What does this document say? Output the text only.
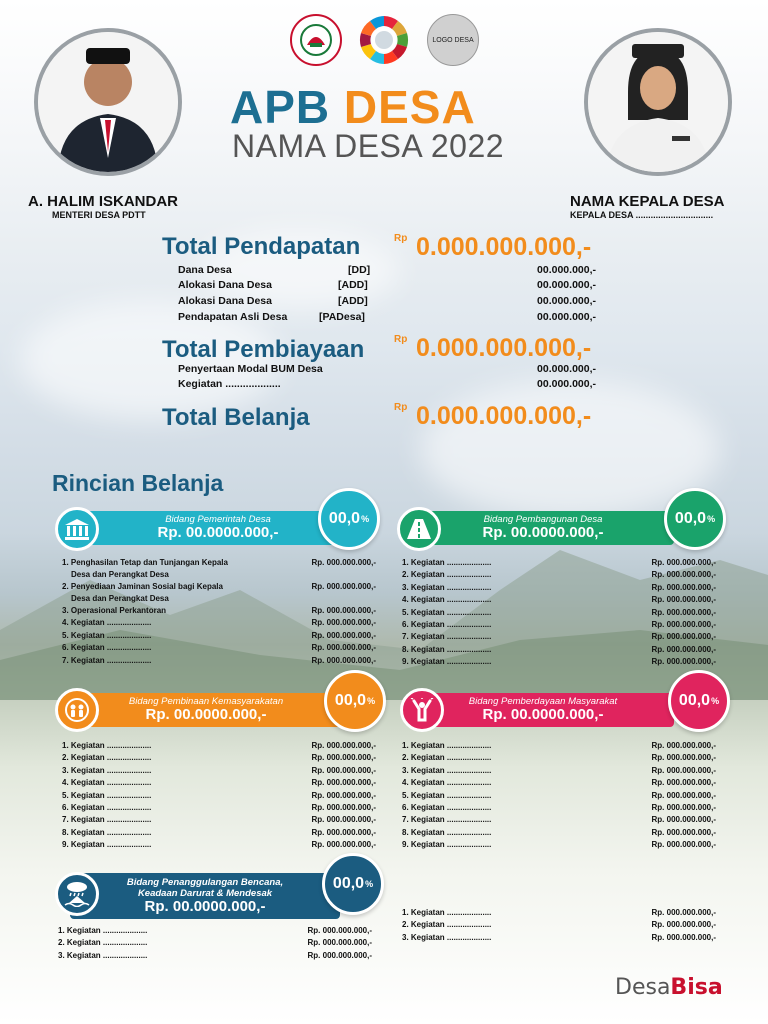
LOGO DESA
APB DESA
NAMA DESA 2022
A. HALIM ISKANDAR
MENTERI DESA PDTT
NAMA KEPALA DESA
KEPALA DESA ...............................
Total Pendapatan	Rp 0.000.000.000,-
Dana Desa	[DD]	00.000.000,-
Alokasi Dana Desa	[ADD]	00.000.000,-
Alokasi Dana Desa	[ADD]	00.000.000,-
Pendapatan Asli Desa	[PADesa]	00.000.000,-
Total Pembiayaan	Rp 0.000.000.000,-
Penyertaan Modal BUM Desa	00.000.000,-
Kegiatan ...................	00.000.000,-
Total Belanja	Rp 0.000.000.000,-
Rincian Belanja
Bidang Pemerintah Desa
Rp. 00.0000.000,-
00,0 %
1. Penghasilan Tetap dan Tunjangan Kepala	Rp. 000.000.000,-
Desa dan Perangkat Desa
2. Penyediaan Jaminan Sosial bagi Kepala	Rp. 000.000.000,-
Desa dan Perangkat Desa
3. Operasional Perkantoran	Rp. 000.000.000,-
4. Kegiatan ....................	Rp. 000.000.000,-
5. Kegiatan ....................	Rp. 000.000.000,-
6. Kegiatan ....................	Rp. 000.000.000,-
7. Kegiatan ....................	Rp. 000.000.000,-
Bidang Pembangunan Desa
Rp. 00.0000.000,-
00,0 %
1. Kegiatan ....................	Rp. 000.000.000,-
2. Kegiatan ....................	Rp. 000.000.000,-
3. Kegiatan ....................	Rp. 000.000.000,-
4. Kegiatan ....................	Rp. 000.000.000,-
5. Kegiatan ....................	Rp. 000.000.000,-
6. Kegiatan ....................	Rp. 000.000.000,-
7. Kegiatan ....................	Rp. 000.000.000,-
8. Kegiatan ....................	Rp. 000.000.000,-
9. Kegiatan ....................	Rp. 000.000.000,-
Bidang Pembinaan Kemasyarakatan
Rp. 00.0000.000,-
00,0 %
1. Kegiatan ....................	Rp. 000.000.000,-
2. Kegiatan ....................	Rp. 000.000.000,-
3. Kegiatan ....................	Rp. 000.000.000,-
4. Kegiatan ....................	Rp. 000.000.000,-
5. Kegiatan ....................	Rp. 000.000.000,-
6. Kegiatan ....................	Rp. 000.000.000,-
7. Kegiatan ....................	Rp. 000.000.000,-
8. Kegiatan ....................	Rp. 000.000.000,-
9. Kegiatan ....................	Rp. 000.000.000,-
Bidang Pemberdayaan Masyarakat
Rp. 00.0000.000,-
00,0 %
1. Kegiatan ....................	Rp. 000.000.000,-
2. Kegiatan ....................	Rp. 000.000.000,-
3. Kegiatan ....................	Rp. 000.000.000,-
4. Kegiatan ....................	Rp. 000.000.000,-
5. Kegiatan ....................	Rp. 000.000.000,-
6. Kegiatan ....................	Rp. 000.000.000,-
7. Kegiatan ....................	Rp. 000.000.000,-
8. Kegiatan ....................	Rp. 000.000.000,-
9. Kegiatan ....................	Rp. 000.000.000,-
Bidang Penanggulangan Bencana,
Keadaan Darurat & Mendesak
Rp. 00.0000.000,-
00,0 %
1. Kegiatan ....................	Rp. 000.000.000,-
2. Kegiatan ....................	Rp. 000.000.000,-
3. Kegiatan ....................	Rp. 000.000.000,-
1. Kegiatan ....................	Rp. 000.000.000,-
2. Kegiatan ....................	Rp. 000.000.000,-
3. Kegiatan ....................	Rp. 000.000.000,-
DesaBisa
